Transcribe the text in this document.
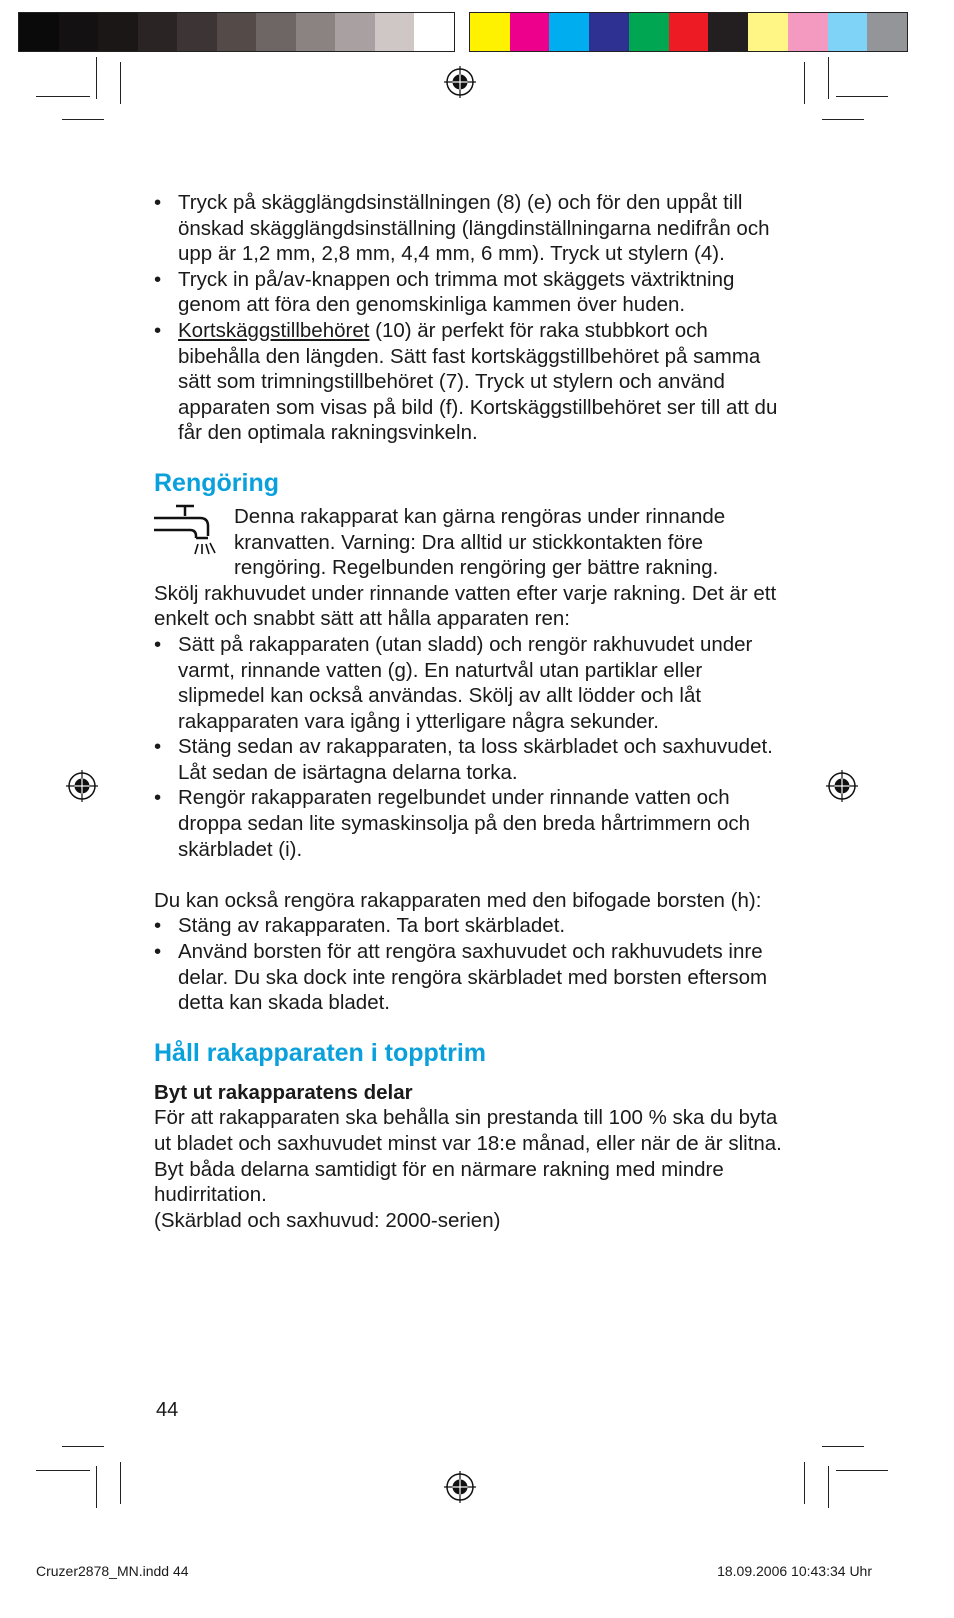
• Tryck på skägglängdsinställningen (8) (e) och för den uppåt till önskad skägglängdsinställning (längdinställningarna nedifrån och upp är 1,2 mm, 2,8 mm, 4,4 mm, 6 mm). Tryck ut stylern (4).
• Tryck in på/av-knappen och trimma mot skäggets växtriktning genom att föra den genomskinliga kammen över huden.
• Kortskäggstillbehöret (10) är perfekt för raka stubbkort och bibehålla den längden. Sätt fast kortskäggstillbehöret på samma sätt som trimningstillbehöret (7). Tryck ut stylern och använd apparaten som visas på bild (f). Kortskäggstillbehöret ser till att du får den optimala rakningsvinkeln.
Rengöring

Denna rakapparat kan gärna rengöras under rinnande kranvatten. Varning: Dra alltid ur stickkontakten före rengöring. Regelbunden rengöring ger bättre rakning.

Skölj rakhuvudet under rinnande vatten efter varje rakning. Det är ett enkelt och snabbt sätt att hålla apparaten ren:

• Sätt på rakapparaten (utan sladd) och rengör rakhuvudet under varmt, rinnande vatten (g). En naturtvål utan partiklar eller slipmedel kan också användas. Skölj av allt lödder och låt rakapparaten vara igång i ytterligare några sekunder.
• Stäng sedan av rakapparaten, ta loss skärbladet och saxhuvudet. Låt sedan de isärtagna delarna torka.
• Rengör rakapparaten regelbundet under rinnande vatten och droppa sedan lite symaskinsolja på den breda hårtrimmern och skärbladet (i).

Du kan också rengöra rakapparaten med den bifogade borsten (h):

• Stäng av rakapparaten. Ta bort skärbladet.
• Använd borsten för att rengöra saxhuvudet och rakhuvudets inre delar. Du ska dock inte rengöra skärbladet med borsten eftersom detta kan skada bladet.
Håll rakapparaten i topptrim

Byt ut rakapparatens delar

För att rakapparaten ska behålla sin prestanda till 100 % ska du byta ut bladet och saxhuvudet minst var 18:e månad, eller när de är slitna. Byt båda delarna samtidigt för en närmare rakning med mindre hudirritation.

(Skärblad och saxhuvud: 2000-serien)

44
Cruzer2878_MN.indd 44	18.09.2006 10:43:34 Uhr
